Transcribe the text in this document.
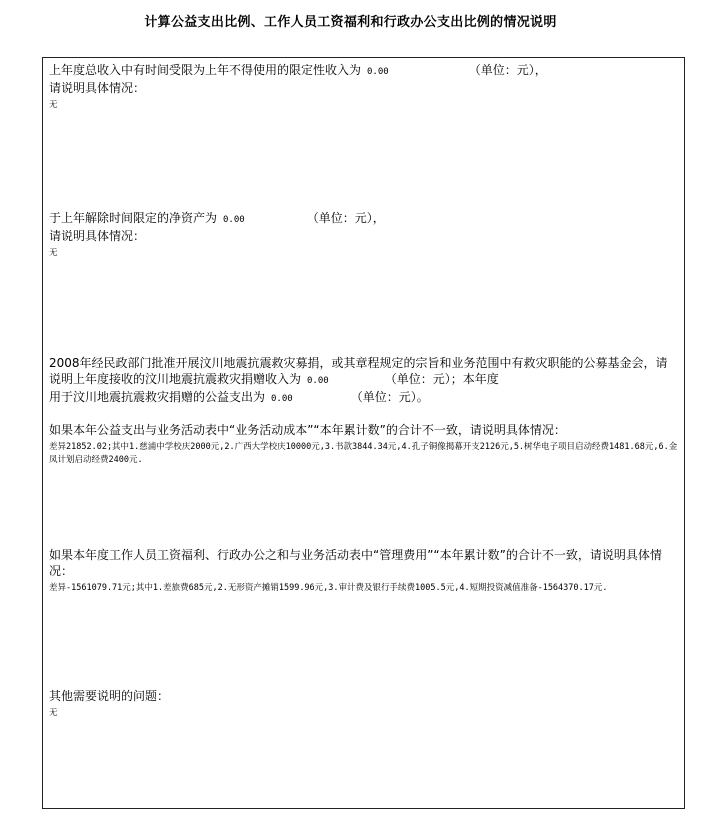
计算公益支出比例、工作人员工资福利和行政办公支出比例的情况说明
上年度总收入中有时间受限为上年不得使用的限定性收入为 0.00	（单位：元），
请说明具体情况：
无
于上年解除时间限定的净资产为 0.00	（单位：元），
请说明具体情况：
无
2008年经民政部门批准开展汶川地震抗震救灾募捐，或其章程规定的宗旨和业务范围中有救灾职能的公募基金会，请说明上年度接收的汶川地震抗震救灾捐赠收入为 0.00	（单位：元）；本年度
用于汶川地震抗震救灾捐赠的公益支出为 0.00	（单位：元）。
如果本年公益支出与业务活动表中“业务活动成本”“本年累计数”的合计不一致，请说明具体情况：
差异21852.02;其中1.慈浦中学校庆2000元,2.广西大学校庆10000元,3.书款3844.34元,4.孔子铜像揭幕开支2126元,5.树华电子项目启动经费1481.68元,6.金凤计划启动经费2400元.
如果本年度工作人员工资福利、行政办公之和与业务活动表中“管理费用”“本年累计数”的合计不一致，请说明具体情况：
差异-1561079.71元;其中1.差旅费685元,2.无形资产摊销1599.96元,3.审计费及银行手续费1005.5元,4.短期投资减值准备-1564370.17元.
其他需要说明的问题：
无
